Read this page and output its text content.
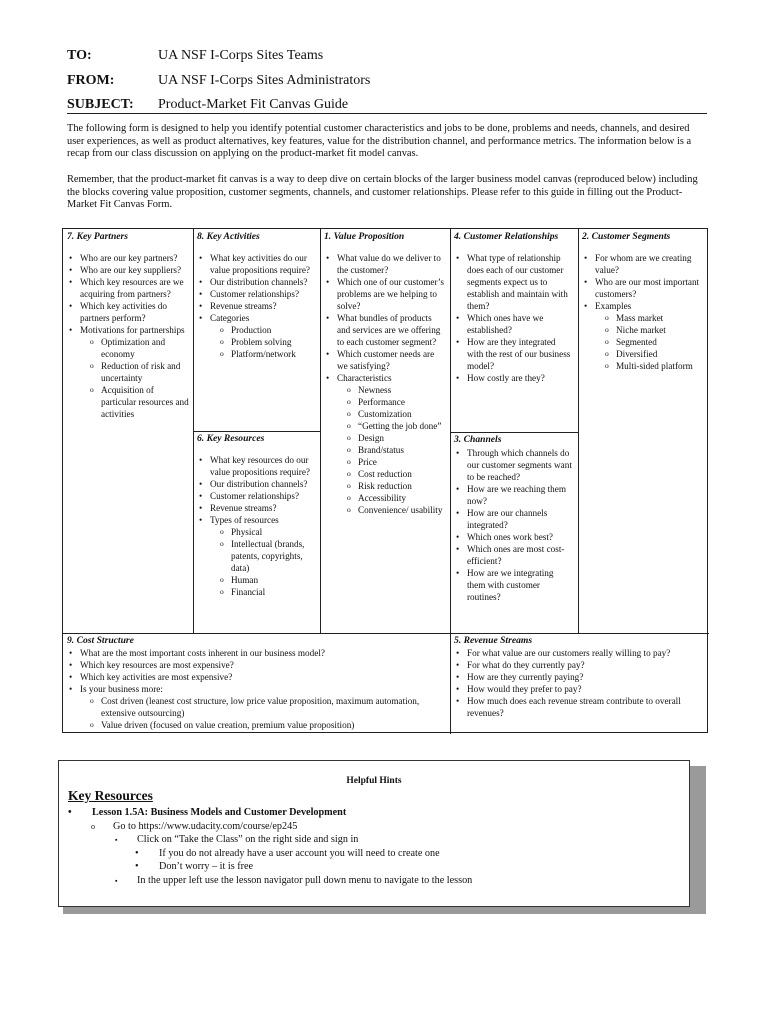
TO:	UA NSF I-Corps Sites Teams
FROM:	UA NSF I-Corps Sites Administrators
SUBJECT:	Product-Market Fit Canvas Guide

The following form is designed to help you identify potential customer characteristics and jobs to be done, problems and needs, channels, and desired user experiences, as well as product alternatives, key features, value for the distribution channel, and performance metrics. The information below is a recap from our class discussion on applying on the product-market fit model canvas.

Remember, that the product-market fit canvas is a way to deep dive on certain blocks of the larger business model canvas (reproduced below) including the blocks covering value proposition, customer segments, channels, and customer relationships. Please refer to this guide in filling out the Product-Market Fit Canvas Form.

7. Key Partners
• Who are our key partners?
• Who are our key suppliers?
• Which key resources are we acquiring from partners?
• Which key activities do partners perform?
• Motivations for partnerships
o Optimization and economy
o Reduction of risk and uncertainty
o Acquisition of particular resources and activities
8. Key Activities
• What key activities do our value propositions require?
• Our distribution channels?
• Customer relationships?
• Revenue streams?
• Categories
o Production
o Problem solving
o Platform/network
6. Key Resources
• What key resources do our value propositions require?
• Our distribution channels?
• Customer relationships?
• Revenue streams?
• Types of resources
o Physical
o Intellectual (brands, patents, copyrights, data)
o Human
o Financial
1. Value Proposition
• What value do we deliver to the customer?
• Which one of our customer’s problems are we helping to solve?
• What bundles of products and services are we offering to each customer segment?
• Which customer needs are we satisfying?
• Characteristics
o Newness
o Performance
o Customization
o “Getting the job done”
o Design
o Brand/status
o Price
o Cost reduction
o Risk reduction
o Accessibility
o Convenience/ usability
4. Customer Relationships
• What type of relationship does each of our customer segments expect us to establish and maintain with them?
• Which ones have we established?
• How are they integrated with the rest of our business model?
• How costly are they?
3. Channels
• Through which channels do our customer segments want to be reached?
• How are we reaching them now?
• How are our channels integrated?
• Which ones work best?
• Which ones are most cost-efficient?
• How are we integrating them with customer routines?
2. Customer Segments
• For whom are we creating value?
• Who are our most important customers?
• Examples
o Mass market
o Niche market
o Segmented
o Diversified
o Multi-sided platform
9. Cost Structure
• What are the most important costs inherent in our business model?
• Which key resources are most expensive?
• Which key activities are most expensive?
• Is your business more:
o Cost driven (leanest cost structure, low price value proposition, maximum automation, extensive outsourcing)
o Value driven (focused on value creation, premium value proposition)
5. Revenue Streams
• For what value are our customers really willing to pay?
• For what do they currently pay?
• How are they currently paying?
• How would they prefer to pay?
• How much does each revenue stream contribute to overall revenues?
Helpful Hints
Key Resources
• Lesson 1.5A: Business Models and Customer Development
o Go to https://www.udacity.com/course/ep245
▪ Click on “Take the Class” on the right side and sign in
• If you do not already have a user account you will need to create one
• Don’t worry – it is free
▪ In the upper left use the lesson navigator pull down menu to navigate to the lesson
